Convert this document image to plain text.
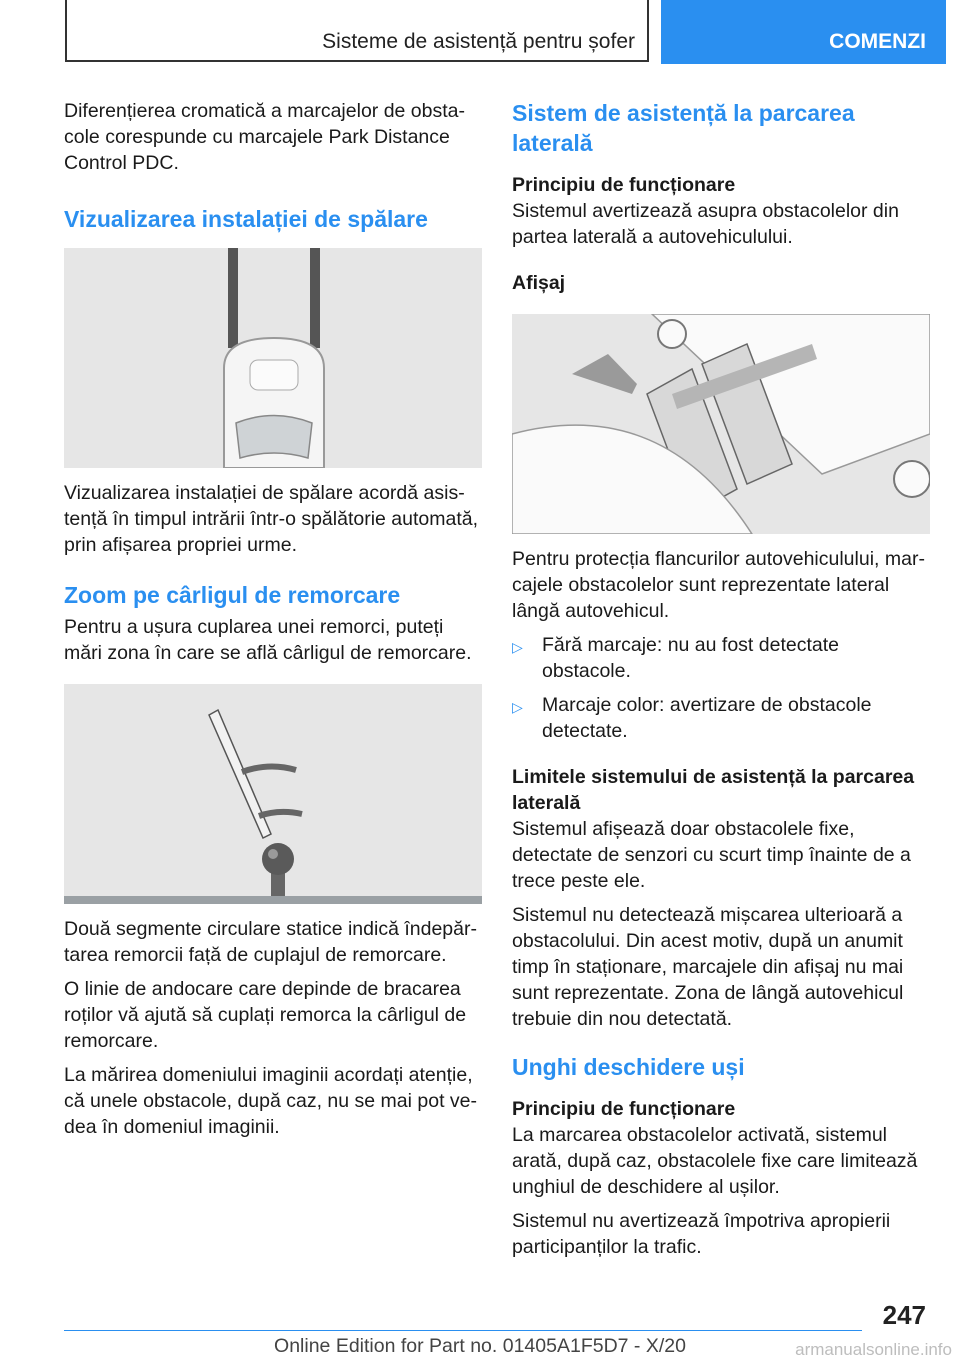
Sisteme de asistență pentru șofer	COMENZI

Diferențierea cromatică a marcajelor de obstacole corespunde cu marcajele Park Distance Control PDC.

Vizualizarea instalației de spălare

Vizualizarea instalației de spălare acordă asistență în timpul intrării într-o spălătorie automată, prin afișarea propriei urme.

Zoom pe cârligul de remorcare

Pentru a ușura cuplarea unei remorci, puteți mări zona în care se află cârligul de remorcare.

Două segmente circulare statice indică îndepărtarea remorcii față de cuplajul de remorcare.

O linie de andocare care depinde de bracarea roților vă ajută să cuplați remorca la cârligul de remorcare.

La mărirea domeniului imaginii acordați atenție, că unele obstacole, după caz, nu se mai pot vedea în domeniul imaginii.

Sistem de asistență la parcarea laterală
Principiu de funcționare

Sistemul avertizează asupra obstacolelor din partea laterală a autovehiculului.

Afișaj

Pentru protecția flancurilor autovehiculului, marcajele obstacolelor sunt reprezentate lateral lângă autovehicul.

▷ Fără marcaje: nu au fost detectate obstacole.
▷ Marcaje color: avertizare de obstacole detectate.
Limitele sistemului de asistență la parcarea laterală

Sistemul afișează doar obstacolele fixe, detectate de senzori cu scurt timp înainte de a trece peste ele.

Sistemul nu detectează mișcarea ulterioară a obstacolului. Din acest motiv, după un anumit timp în staționare, marcajele din afișaj nu mai sunt reprezentate. Zona de lângă autovehicul trebuie din nou detectată.

Unghi deschidere uși
Principiu de funcționare

La marcarea obstacolelor activată, sistemul arată, după caz, obstacolele fixe care limitează unghiul de deschidere al ușilor.

Sistemul nu avertizează împotriva apropierii participanților la trafic.

247
Online Edition for Part no. 01405A1F5D7 - X/20	armanualsonline.info
